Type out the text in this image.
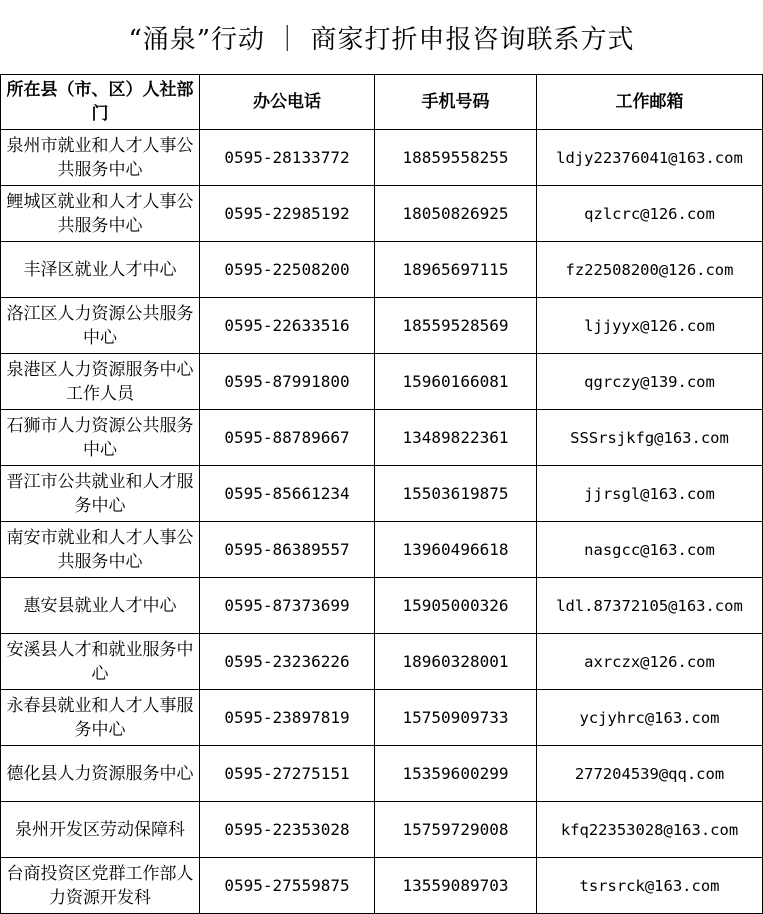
“涌泉”行动 ｜ 商家打折申报咨询联系方式
所在县（市、区）人社部门	办公电话	手机号码	工作邮箱
泉州市就业和人才人事公共服务中心	0595-28133772	18859558255	ldjy22376041@163.com
鲤城区就业和人才人事公共服务中心	0595-22985192	18050826925	qzlcrc@126.com
丰泽区就业人才中心	0595-22508200	18965697115	fz22508200@126.com
洛江区人力资源公共服务中心	0595-22633516	18559528569	ljjyyx@126.com
泉港区人力资源服务中心工作人员	0595-87991800	15960166081	qgrczy@139.com
石狮市人力资源公共服务中心	0595-88789667	13489822361	SSSrsjkfg@163.com
晋江市公共就业和人才服务中心	0595-85661234	15503619875	jjrsgl@163.com
南安市就业和人才人事公共服务中心	0595-86389557	13960496618	nasgcc@163.com
惠安县就业人才中心	0595-87373699	15905000326	ldl.87372105@163.com
安溪县人才和就业服务中心	0595-23236226	18960328001	axrczx@126.com
永春县就业和人才人事服务中心	0595-23897819	15750909733	ycjyhrc@163.com
德化县人力资源服务中心	0595-27275151	15359600299	277204539@qq.com
泉州开发区劳动保障科	0595-22353028	15759729008	kfq22353028@163.com
台商投资区党群工作部人力资源开发科	0595-27559875	13559089703	tsrsrck@163.com
